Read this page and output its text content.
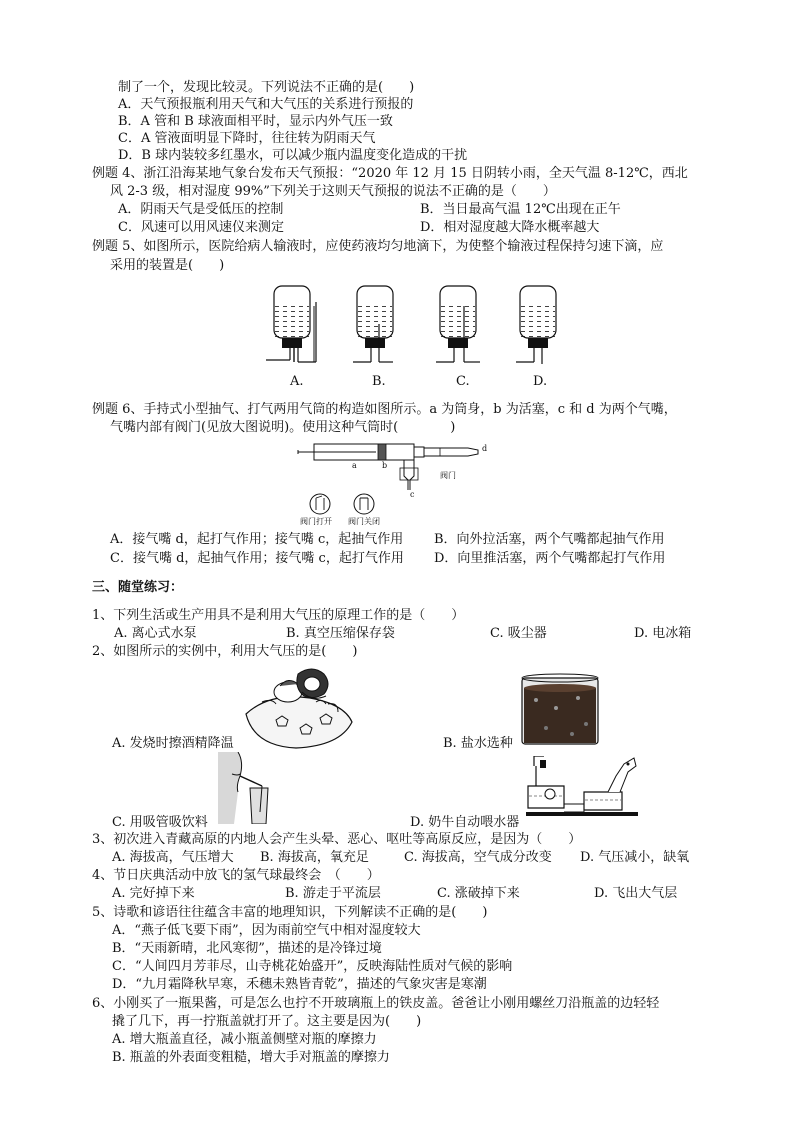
制了一个，发现比较灵。下列说法不正确的是(　　)
A．天气预报瓶利用天气和大气压的关系进行预报的
B．A 管和 B 球液面相平时，显示内外气压一致
C．A 管液面明显下降时，往往转为阴雨天气
D．B 球内装较多红墨水，可以减少瓶内温度变化造成的干扰
例题 4、浙江沿海某地气象台发布天气预报：“2020 年 12 月 15 日阴转小雨，全天气温 8-12℃，西北
风 2-3 级，相对湿度 99%”下列关于这则天气预报的说法不正确的是（　　）
A．阴雨天气是受低压的控制	B．当日最高气温 12℃出现在正午
C．风速可以用风速仪来测定	D．相对湿度越大降水概率越大
例题 5、如图所示，医院给病人输液时，应使药液均匀地滴下，为使整个输液过程保持匀速下滴，应
采用的装置是(　　)
A.	B.	C.	D.
例题 6、手持式小型抽气、打气两用气筒的构造如图所示。a 为筒身，b 为活塞，c 和 d 为两个气嘴，
气嘴内部有阀门(见放大图说明)。使用这种气筒时(　　　　)
a	b
c
d
阀门
阀门打开 阀门关闭
A．接气嘴 d，起打气作用；接气嘴 c，起抽气作用 B．向外拉活塞，两个气嘴都起抽气作用
C．接气嘴 d，起抽气作用；接气嘴 c，起打气作用 D．向里推活塞，两个气嘴都起打气作用
三、随堂练习：
1、下列生活或生产用具不是利用大气压的原理工作的是（　　）
A. 离心式水泵	B. 真空压缩保存袋	C. 吸尘器	D. 电冰箱
2、如图所示的实例中，利用大气压的是(　　)
A. 发烧时擦酒精降温	B. 盐水选种
C. 用吸管吸饮料	D. 奶牛自动喂水器
3、初次进入青藏高原的内地人会产生头晕、恶心、呕吐等高原反应，是因为（　　）
A. 海拔高，气压增大 B. 海拔高，氧充足	C. 海拔高，空气成分改变 D. 气压减小，缺氧
4、节日庆典活动中放飞的氢气球最终会　（　　）
A. 完好掉下来	B. 游走于平流层	C. 涨破掉下来	D. 飞出大气层
5、诗歌和谚语往往蕴含丰富的地理知识，下列解读不正确的是(　　)
A．“燕子低飞要下雨”，因为雨前空气中相对湿度较大
B．“天雨新晴，北风寒彻”，描述的是冷锋过境
C．“人间四月芳菲尽，山寺桃花始盛开”，反映海陆性质对气候的影响
D．“九月霜降秋早寒，禾穗未熟皆青乾”，描述的气象灾害是寒潮
6、小刚买了一瓶果酱，可是怎么也拧不开玻璃瓶上的铁皮盖。爸爸让小刚用螺丝刀沿瓶盖的边轻轻
撬了几下，再一拧瓶盖就打开了。这主要是因为(　　)
A. 增大瓶盖直径，减小瓶盖侧壁对瓶的摩擦力
B. 瓶盖的外表面变粗糙，增大手对瓶盖的摩擦力
